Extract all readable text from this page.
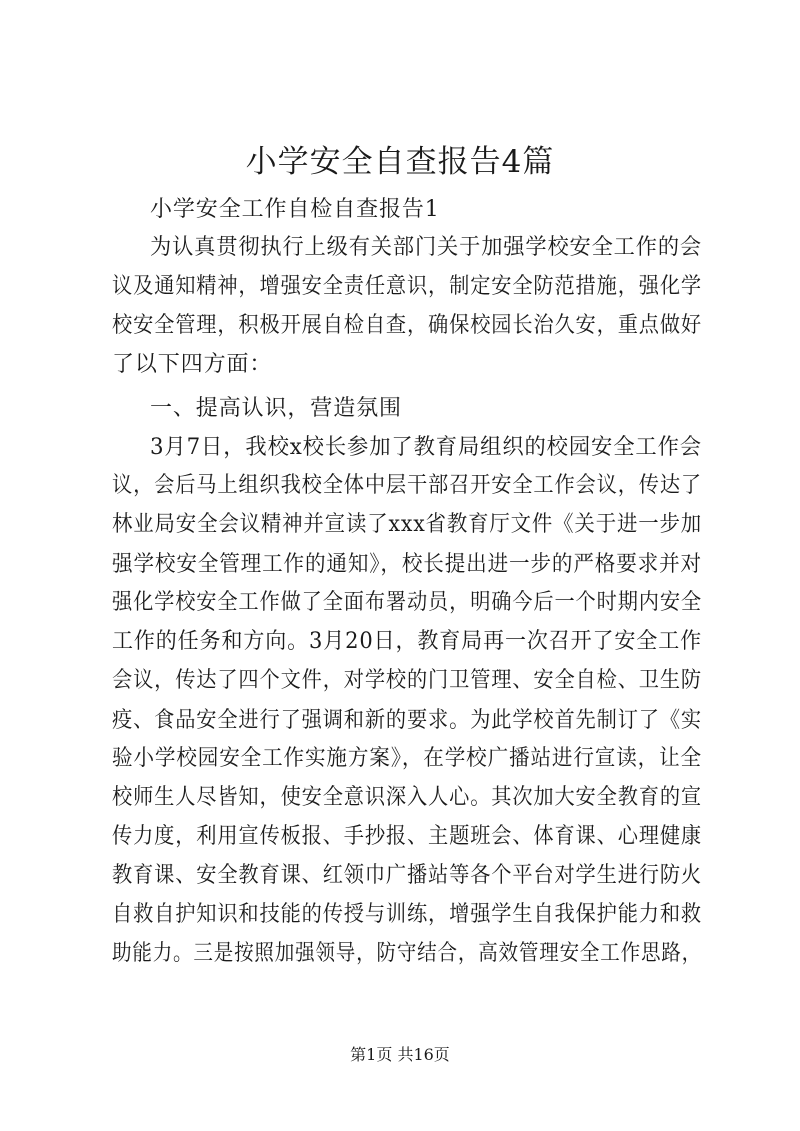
小学安全自查报告4篇

小学安全工作自检自查报告1

为认真贯彻执行上级有关部门关于加强学校安全工作的会

议及通知精神，增强安全责任意识，制定安全防范措施，强化学

校安全管理，积极开展自检自查，确保校园长治久安，重点做好

了以下四方面：

一、提高认识，营造氛围

3月7日，我校x校长参加了教育局组织的校园安全工作会

议，会后马上组织我校全体中层干部召开安全工作会议，传达了

林业局安全会议精神并宣读了xxx省教育厅文件《关于进一步加

强学校安全管理工作的通知》，校长提出进一步的严格要求并对

强化学校安全工作做了全面布署动员，明确今后一个时期内安全

工作的任务和方向。3月20日，教育局再一次召开了安全工作

会议，传达了四个文件，对学校的门卫管理、安全自检、卫生防

疫、食品安全进行了强调和新的要求。为此学校首先制订了《实

验小学校园安全工作实施方案》，在学校广播站进行宣读，让全

校师生人尽皆知，使安全意识深入人心。其次加大安全教育的宣

传力度，利用宣传板报、手抄报、主题班会、体育课、心理健康

教育课、安全教育课、红领巾广播站等各个平台对学生进行防火

自救自护知识和技能的传授与训练，增强学生自我保护能力和救

助能力。三是按照加强领导，防守结合，高效管理安全工作思路，

第1页 共16页
